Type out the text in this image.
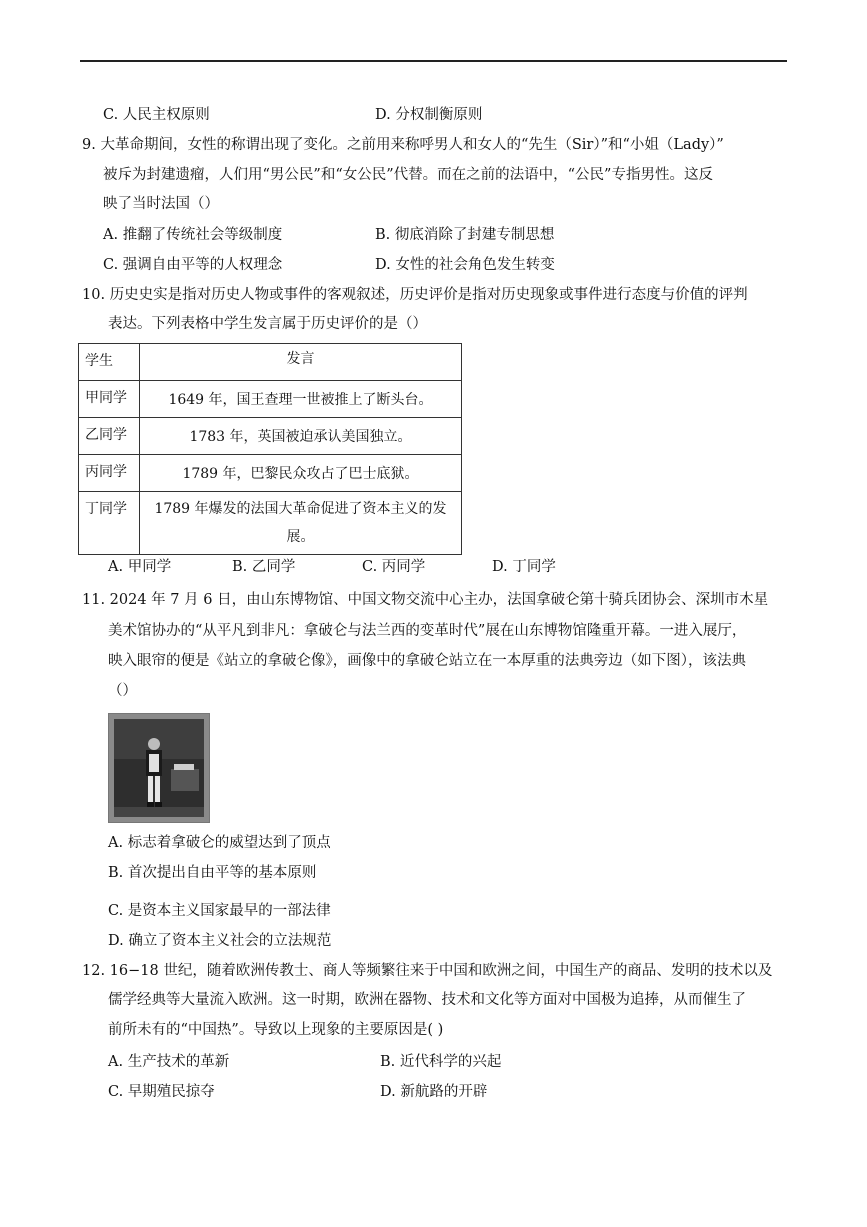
C. 人民主权原则	D. 分权制衡原则
9. 大革命期间，女性的称谓出现了变化。之前用来称呼男人和女人的“先生（Sir）”和“小姐（Lady）”
被斥为封建遗瘤，人们用“男公民”和“女公民”代替。而在之前的法语中，“公民”专指男性。这反
映了当时法国（）
A. 推翻了传统社会等级制度	B. 彻底消除了封建专制思想
C. 强调自由平等的人权理念	D. 女性的社会角色发生转变
10. 历史史实是指对历史人物或事件的客观叙述，历史评价是指对历史现象或事件进行态度与价值的评判
表达。下列表格中学生发言属于历史评价的是（）
学生	发言
甲同学	1649 年，国王查理一世被推上了断头台。
乙同学	1783 年，英国被迫承认美国独立。
丙同学	1789 年，巴黎民众攻占了巴士底狱。
丁同学	1789 年爆发的法国大革命促进了资本主义的发
展。
A. 甲同学	B. 乙同学	C. 丙同学	D. 丁同学
11. 2024 年 7 月 6 日，由山东博物馆、中国文物交流中心主办，法国拿破仑第十骑兵团协会、深圳市木星
美术馆协办的“从平凡到非凡：拿破仑与法兰西的变革时代”展在山东博物馆隆重开幕。一进入展厅，
映入眼帘的便是《站立的拿破仑像》，画像中的拿破仑站立在一本厚重的法典旁边（如下图），该法典
（）
A. 标志着拿破仑的威望达到了顶点
B. 首次提出自由平等的基本原则
C. 是资本主义国家最早的一部法律
D. 确立了资本主义社会的立法规范
12. 16−18 世纪，随着欧洲传教士、商人等频繁往来于中国和欧洲之间，中国生产的商品、发明的技术以及
儒学经典等大量流入欧洲。这一时期，欧洲在器物、技术和文化等方面对中国极为追捧，从而催生了
前所未有的“中国热”。导致以上现象的主要原因是( )
A. 生产技术的革新	B. 近代科学的兴起
C. 早期殖民掠夺	D. 新航路的开辟
